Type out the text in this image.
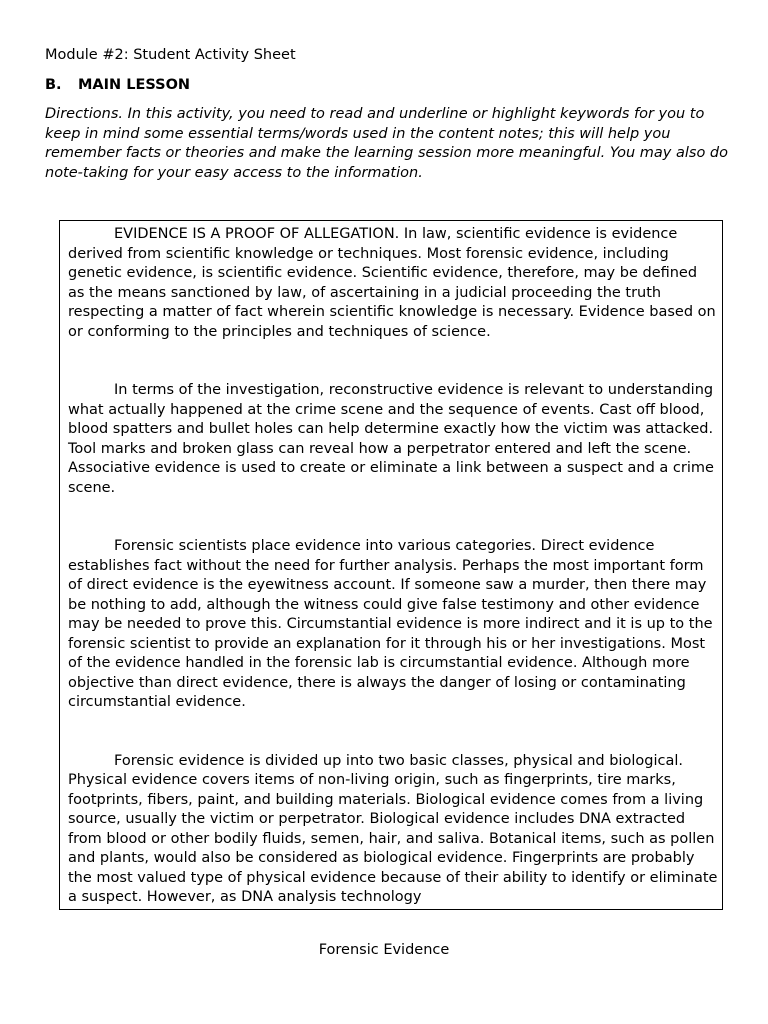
Module #2: Student Activity Sheet
B. MAIN LESSON

Directions. In this activity, you need to read and underline or highlight keywords for you to keep in mind some essential terms/words used in the content notes; this will help you remember facts or theories and make the learning session more meaningful. You may also do note-taking for your easy access to the information.

EVIDENCE IS A PROOF OF ALLEGATION. In law, scientific evidence is evidence derived from scientific knowledge or techniques. Most forensic evidence, including genetic evidence, is scientific evidence. Scientific evidence, therefore, may be defined as the means sanctioned by law, of ascertaining in a judicial proceeding the truth respecting a matter of fact wherein scientific knowledge is necessary. Evidence based on or conforming to the principles and techniques of science.

In terms of the investigation, reconstructive evidence is relevant to understanding what actually happened at the crime scene and the sequence of events. Cast off blood, blood spatters and bullet holes can help determine exactly how the victim was attacked. Tool marks and broken glass can reveal how a perpetrator entered and left the scene. Associative evidence is used to create or eliminate a link between a suspect and a crime scene.

Forensic scientists place evidence into various categories. Direct evidence establishes fact without the need for further analysis. Perhaps the most important form of direct evidence is the eyewitness account. If someone saw a murder, then there may be nothing to add, although the witness could give false testimony and other evidence may be needed to prove this. Circumstantial evidence is more indirect and it is up to the forensic scientist to provide an explanation for it through his or her investigations. Most of the evidence handled in the forensic lab is circumstantial evidence. Although more objective than direct evidence, there is always the danger of losing or contaminating circumstantial evidence.

Forensic evidence is divided up into two basic classes, physical and biological. Physical evidence covers items of non-living origin, such as fingerprints, tire marks, footprints, fibers, paint, and building materials. Biological evidence comes from a living source, usually the victim or perpetrator. Biological evidence includes DNA extracted from blood or other bodily fluids, semen, hair, and saliva. Botanical items, such as pollen and plants, would also be considered as biological evidence. Fingerprints are probably the most valued type of physical evidence because of their ability to identify or eliminate a suspect. However, as DNA analysis technology

Forensic Evidence
